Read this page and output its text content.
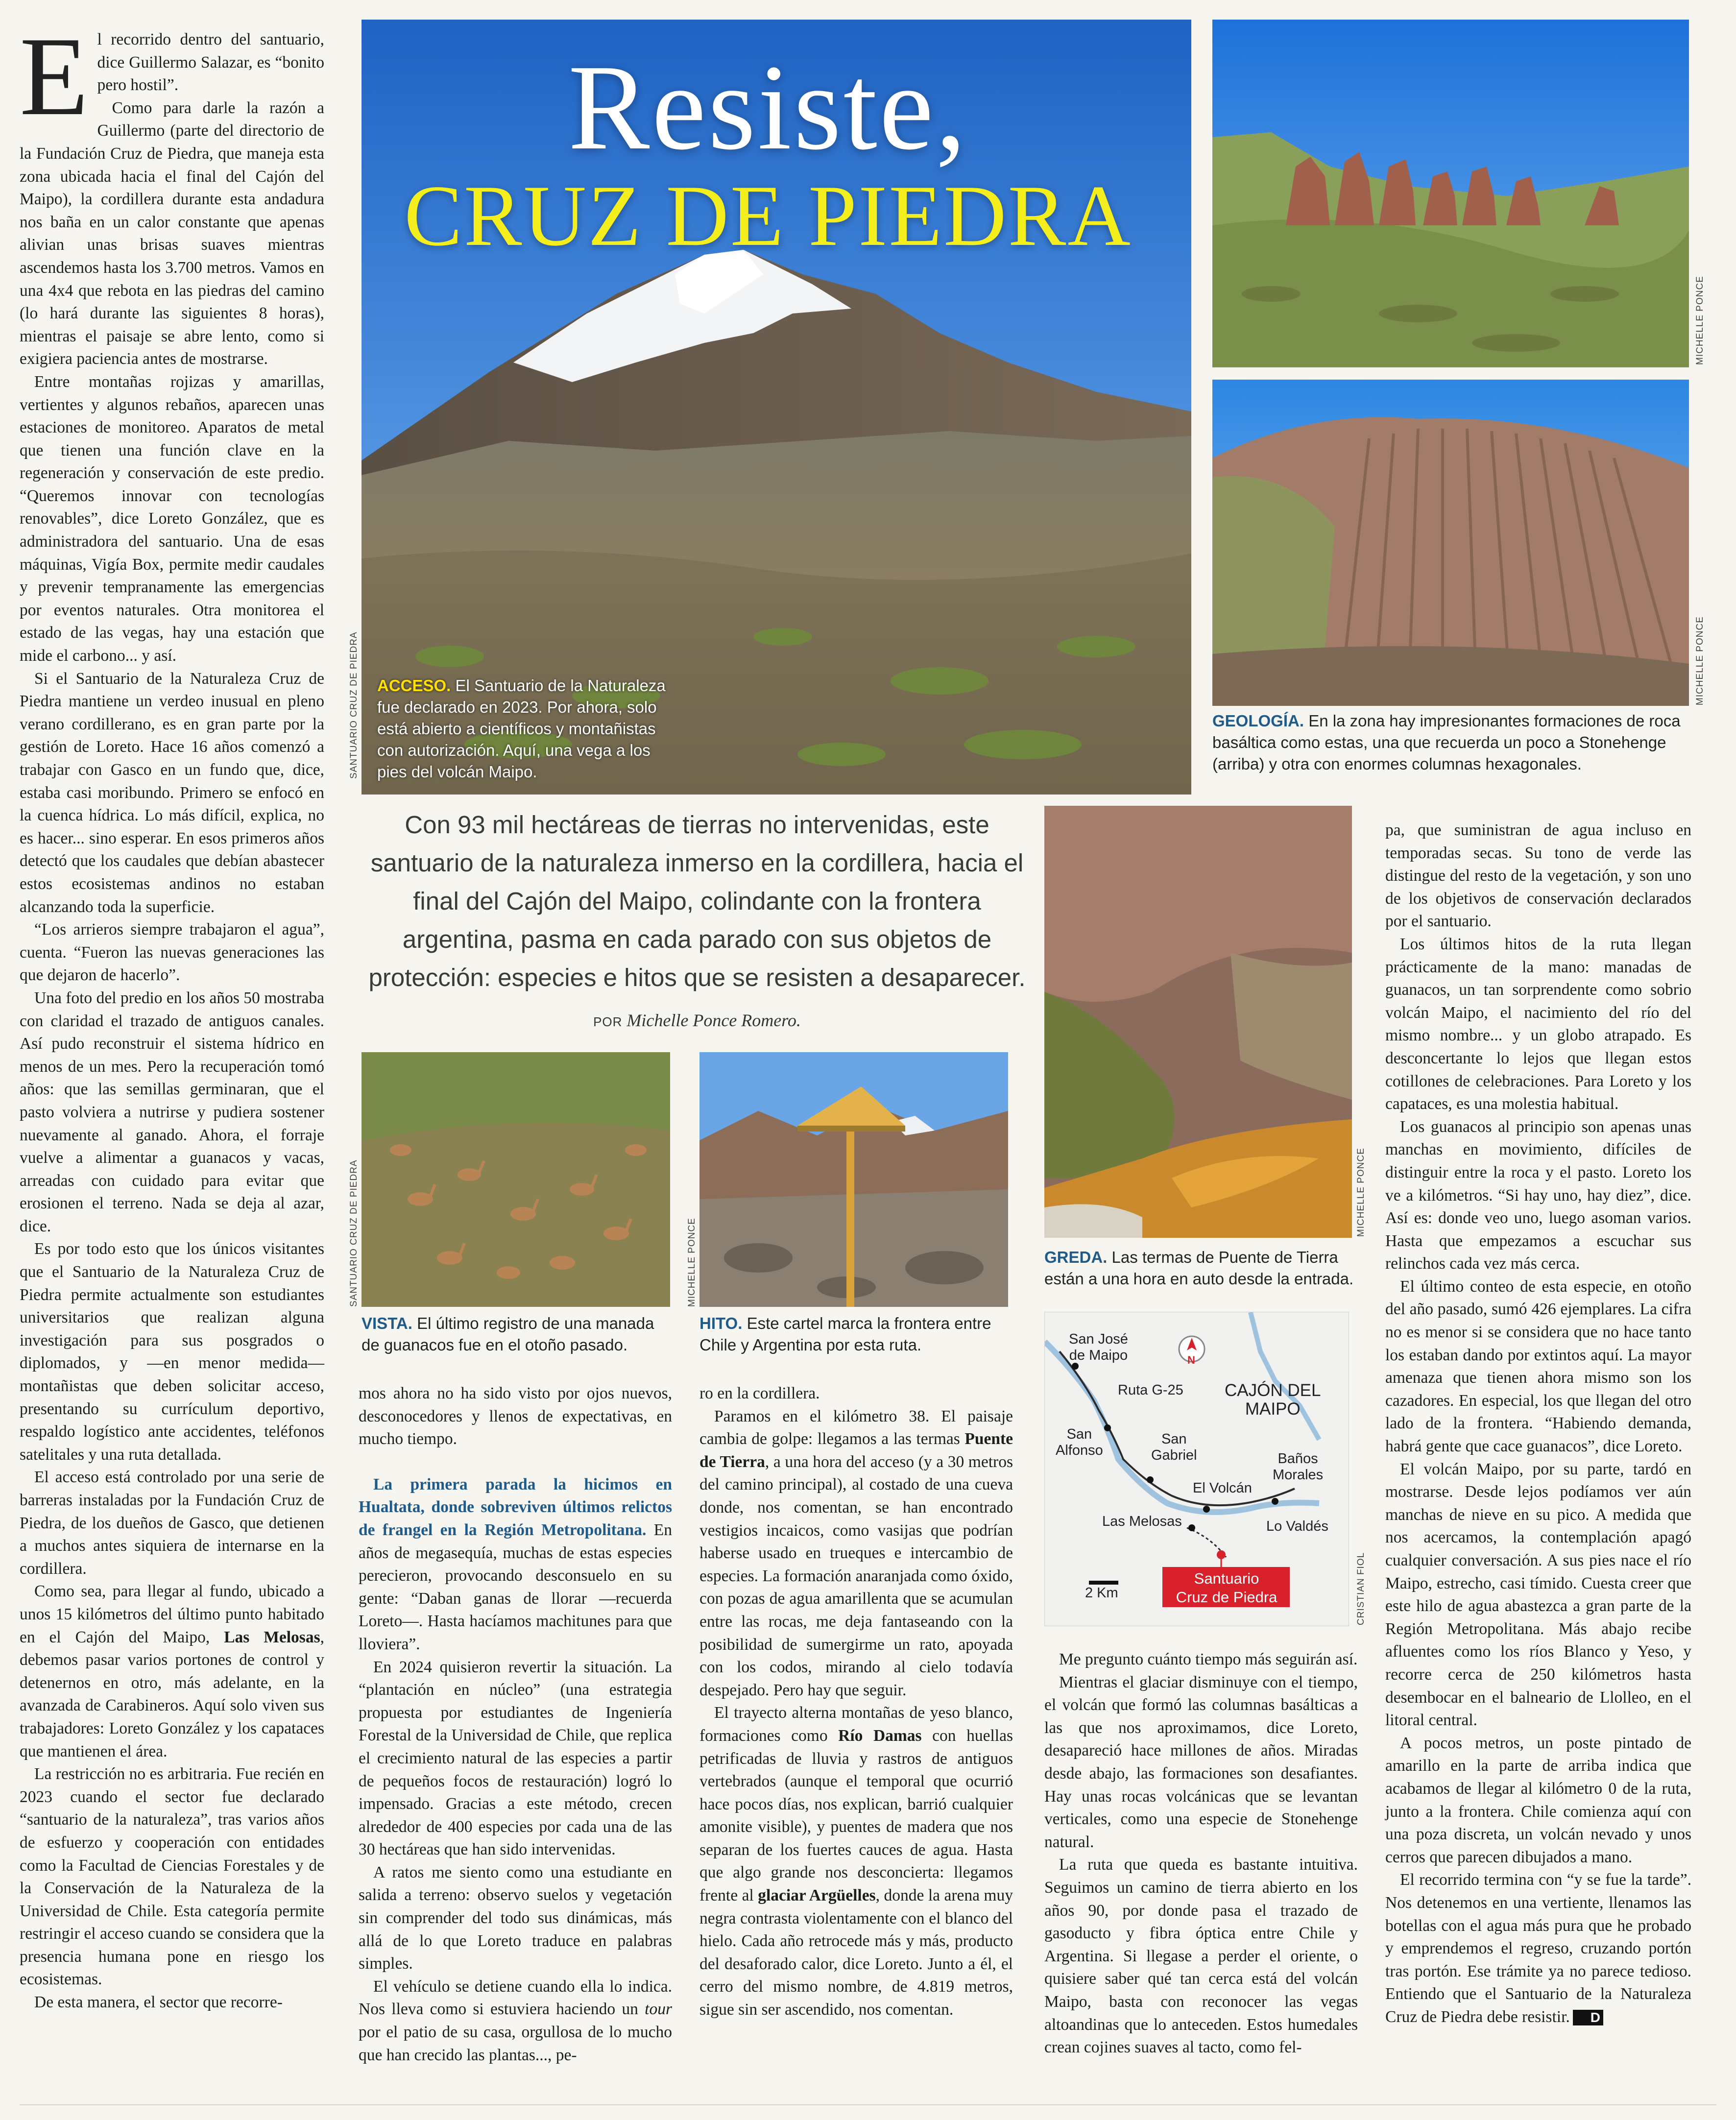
SANTUARIO CRUZ DE PIEDRA
Resiste,
CRUZ DE PIEDRA
ACCESO. El Santuario de la Naturaleza fue declarado en 2023. Por ahora, solo está abierto a científicos y montañistas con autorización. Aquí, una vega a los pies del volcán Maipo.
MICHELLE PONCE
MICHELLE PONCE
GEOLOGÍA. En la zona hay impresionantes formaciones de roca basáltica como estas, una que recuerda un poco a Stonehenge (arriba) y otra con enormes columnas hexagonales.
SANTUARIO CRUZ DE PIEDRA
VISTA. El último registro de una manada de guanacos fue en el otoño pasado.
MICHELLE PONCE
HITO. Este cartel marca la frontera entre Chile y Argentina por esta ruta.
MICHELLE PONCE
GREDA. Las termas de Puente de Tierra están a una hora en auto desde la entrada.
N
San José
de Maipo
Ruta G-25 CAJÓN DEL
MAIPO
San
Alfonso
San
Gabriel	Baños
Morales
El Volcán
Las Melosas	Lo Valdés
2 Km
Santuario
Cruz de Piedra	CRISTIAN FIOL
Con 93 mil hectáreas de tierras no intervenidas, este santuario de la naturaleza inmerso en la cordillera, hacia el final del Cajón del Maipo, colindante con la frontera argentina, pasma en cada parado con sus objetos de protección: especies e hitos que se resisten a desaparecer.
POR Michelle Ponce Romero.

El recorrido dentro del santuario, dice Guillermo Salazar, es “bonito pero hostil”.

Como para darle la razón a Guillermo (parte del directorio de la Fundación Cruz de Piedra, que maneja esta zona ubicada hacia el final del Cajón del Maipo), la cordillera durante esta andadura nos baña en un calor constante que apenas alivian unas brisas suaves mientras ascendemos hasta los 3.700 metros. Vamos en una 4x4 que rebota en las piedras del camino (lo hará durante las siguientes 8 horas), mientras el paisaje se abre lento, como si exigiera paciencia antes de mostrarse.

Entre montañas rojizas y amarillas, vertientes y algunos rebaños, aparecen unas estaciones de monitoreo. Aparatos de metal que tienen una función clave en la regeneración y conservación de este predio. “Queremos innovar con tecnologías renovables”, dice Loreto González, que es administradora del santuario. Una de esas máquinas, Vigía Box, permite medir caudales y prevenir tempranamente las emergencias por eventos naturales. Otra monitorea el estado de las vegas, hay una estación que mide el carbono... y así.

Si el Santuario de la Naturaleza Cruz de Piedra mantiene un verdeo inusual en pleno verano cordillerano, es en gran parte por la gestión de Loreto. Hace 16 años comenzó a trabajar con Gasco en un fundo que, dice, estaba casi moribundo. Primero se enfocó en la cuenca hídrica. Lo más difícil, explica, no es hacer... sino esperar. En esos primeros años detectó que los caudales que debían abastecer estos ecosistemas andinos no estaban alcanzando toda la superficie.

“Los arrieros siempre trabajaron el agua”, cuenta. “Fueron las nuevas generaciones las que dejaron de hacerlo”.

Una foto del predio en los años 50 mostraba con claridad el trazado de antiguos canales. Así pudo reconstruir el sistema hídrico en menos de un mes. Pero la recuperación tomó años: que las semillas germinaran, que el pasto volviera a nutrirse y pudiera sostener nuevamente al ganado. Ahora, el forraje vuelve a alimentar a guanacos y vacas, arreadas con cuidado para evitar que erosionen el terreno. Nada se deja al azar, dice.

Es por todo esto que los únicos visitantes que el Santuario de la Naturaleza Cruz de Piedra permite actualmente son estudiantes universitarios que realizan alguna investigación para sus posgrados o diplomados, y —en menor medida— montañistas que deben solicitar acceso, presentando su currículum deportivo, respaldo logístico ante accidentes, teléfonos satelitales y una ruta detallada.

El acceso está controlado por una serie de barreras instaladas por la Fundación Cruz de Piedra, de los dueños de Gasco, que detienen a muchos antes siquiera de internarse en la cordillera.

Como sea, para llegar al fundo, ubicado a unos 15 kilómetros del último punto habitado en el Cajón del Maipo, Las Melosas, debemos pasar varios portones de control y detenernos en otro, más adelante, en la avanzada de Carabineros. Aquí solo viven sus trabajadores: Loreto González y los capataces que mantienen el área.

La restricción no es arbitraria. Fue recién en 2023 cuando el sector fue declarado “santuario de la naturaleza”, tras varios años de esfuerzo y cooperación con entidades como la Facultad de Ciencias Forestales y de la Conservación de la Naturaleza de la Universidad de Chile. Esta categoría permite restringir el acceso cuando se considera que la presencia humana pone en riesgo los ecosistemas.

De esta manera, el sector que recorre-

mos ahora no ha sido visto por ojos nuevos, desconocedores y llenos de expectativas, en mucho tiempo.

La primera parada la hicimos en Hualtata, donde sobreviven últimos relictos de frangel en la Región Metropolitana. En años de megasequía, muchas de estas especies perecieron, provocando desconsuelo en su gente: “Daban ganas de llorar —recuerda Loreto—. Hasta hacíamos machitunes para que lloviera”.

En 2024 quisieron revertir la situación. La “plantación en núcleo” (una estrategia propuesta por estudiantes de Ingeniería Forestal de la Universidad de Chile, que replica el crecimiento natural de las especies a partir de pequeños focos de restauración) logró lo impensado. Gracias a este método, crecen alrededor de 400 especies por cada una de las 30 hectáreas que han sido intervenidas.

A ratos me siento como una estudiante en salida a terreno: observo suelos y vegetación sin comprender del todo sus dinámicas, más allá de lo que Loreto traduce en palabras simples.

El vehículo se detiene cuando ella lo indica. Nos lleva como si estuviera haciendo un tour por el patio de su casa, orgullosa de lo mucho que han crecido las plantas..., pe-

ro en la cordillera.

Paramos en el kilómetro 38. El paisaje cambia de golpe: llegamos a las termas Puente de Tierra, a una hora del acceso (y a 30 metros del camino principal), al costado de una cueva donde, nos comentan, se han encontrado vestigios incaicos, como vasijas que podrían haberse usado en trueques e intercambio de especies. La formación anaranjada como óxido, con pozas de agua amarillenta que se acumulan entre las rocas, me deja fantaseando con la posibilidad de sumergirme un rato, apoyada con los codos, mirando al cielo todavía despejado. Pero hay que seguir.

El trayecto alterna montañas de yeso blanco, formaciones como Río Damas con huellas petrificadas de lluvia y rastros de antiguos vertebrados (aunque el temporal que ocurrió hace pocos días, nos explican, barrió cualquier amonite visible), y puentes de madera que nos separan de los fuertes cauces de agua. Hasta que algo grande nos desconcierta: llegamos frente al glaciar Argüelles, donde la arena muy negra contrasta violentamente con el blanco del hielo. Cada año retrocede más y más, producto del desaforado calor, dice Loreto. Junto a él, el cerro del mismo nombre, de 4.819 metros, sigue sin ser ascendido, nos comentan.

Me pregunto cuánto tiempo más seguirán así.

Mientras el glaciar disminuye con el tiempo, el volcán que formó las columnas basálticas a las que nos aproximamos, dice Loreto, desapareció hace millones de años. Miradas desde abajo, las formaciones son desafiantes. Hay unas rocas volcánicas que se levantan verticales, como una especie de Stonehenge natural.

La ruta que queda es bastante intuitiva. Seguimos un camino de tierra abierto en los años 90, por donde pasa el trazado de gasoducto y fibra óptica entre Chile y Argentina. Si llegase a perder el oriente, o quisiere saber qué tan cerca está del volcán Maipo, basta con reconocer las vegas altoandinas que lo anteceden. Estos humedales crean cojines suaves al tacto, como fel-

pa, que suministran de agua incluso en temporadas secas. Su tono de verde las distingue del resto de la vegetación, y son uno de los objetivos de conservación declarados por el santuario.

Los últimos hitos de la ruta llegan prácticamente de la mano: manadas de guanacos, un tan sorprendente como sobrio volcán Maipo, el nacimiento del río del mismo nombre... y un globo atrapado. Es desconcertante lo lejos que llegan estos cotillones de celebraciones. Para Loreto y los capataces, es una molestia habitual.

Los guanacos al principio son apenas unas manchas en movimiento, difíciles de distinguir entre la roca y el pasto. Loreto los ve a kilómetros. “Si hay uno, hay diez”, dice. Así es: donde veo uno, luego asoman varios. Hasta que empezamos a escuchar sus relinchos cada vez más cerca.

El último conteo de esta especie, en otoño del año pasado, sumó 426 ejemplares. La cifra no es menor si se considera que no hace tanto los estaban dando por extintos aquí. La mayor amenaza que tienen ahora mismo son los cazadores. En especial, los que llegan del otro lado de la frontera. “Habiendo demanda, habrá gente que cace guanacos”, dice Loreto.

El volcán Maipo, por su parte, tardó en mostrarse. Desde lejos podíamos ver aún manchas de nieve en su pico. A medida que nos acercamos, la contemplación apagó cualquier conversación. A sus pies nace el río Maipo, estrecho, casi tímido. Cuesta creer que este hilo de agua abastezca a gran parte de la Región Metropolitana. Más abajo recibe afluentes como los ríos Blanco y Yeso, y recorre cerca de 250 kilómetros hasta desembocar en el balneario de Llolleo, en el litoral central.

A pocos metros, un poste pintado de amarillo en la parte de arriba indica que acabamos de llegar al kilómetro 0 de la ruta, junto a la frontera. Chile comienza aquí con una poza discreta, un volcán nevado y unos cerros que parecen dibujados a mano.

El recorrido termina con “y se fue la tarde”. Nos detenemos en una vertiente, llenamos las botellas con el agua más pura que he probado y emprendemos el regreso, cruzando portón tras portón. Ese trámite ya no parece tedioso. Entiendo que el Santuario de la Naturaleza Cruz de Piedra debe resistir. D
